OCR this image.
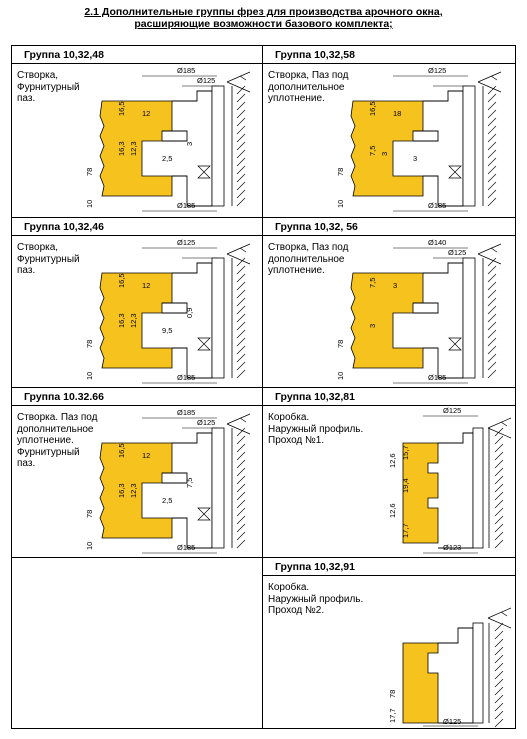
2.1 Дополнительные группы фрез для производства арочного окна,
расширяющие возможности базового комплекта;
Группа 10,32,48
Створка,
Фурнитурный
паз.
Ø185
Ø125
78
10
16,5
16,3 12,3
12
2,5
3
Ø185
Группа 10,32,58
Створка, Паз под
дополнительное
уплотнение.
Ø125
78
10
16,5
7,5 3
18
3
Ø185
Группа 10,32,46
Створка,
Фурнитурный
паз.
Ø125
78
10
16,5
16,3 12,3
12
9,5
0,9
Ø185
Группа 10,32, 56
Створка, Паз под
дополнительное
уплотнение.
Ø140
Ø125
78
10
7,5
3
3
Ø185
Группа 10.32.66
Створка. Паз под
дополнительное
уплотнение.
Фурнитурный
паз.
Ø185
Ø125
78
10
16,5
16,3 12,3
12
2,5
7,5
Ø185
Группа 10,32,81
Коробка.
Наружный профиль.
Проход №1.
Ø125
12,6
15,7
12,6
19,4
17,7
Ø123
Группа 10,32,91
Коробка.
Наружный профиль.
Проход №2.
78
17,7	Ø125
